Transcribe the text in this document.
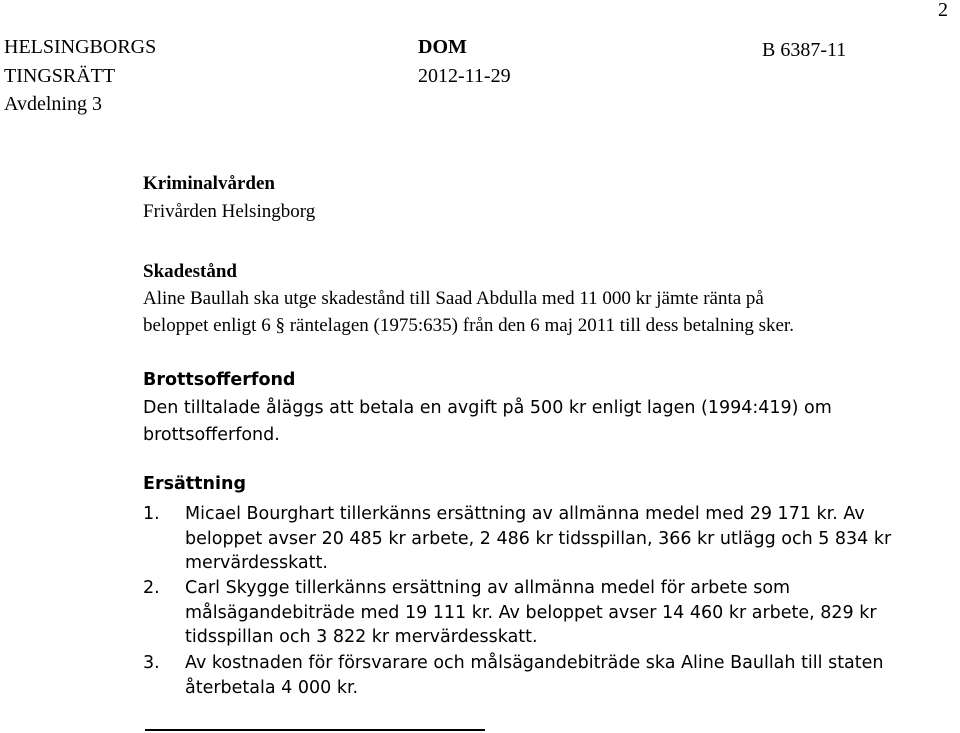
2
HELSINGBORGS
TINGSRÄTT
Avdelning 3
DOM
2012-11-29
B 6387-11
Kriminalvården
Frivården Helsingborg
Skadestånd
Aline Baullah ska utge skadestånd till Saad Abdulla med 11 000 kr jämte ränta på
beloppet enligt 6 § räntelagen (1975:635) från den 6 maj 2011 till dess betalning sker.
Brottsofferfond
Den tilltalade åläggs att betala en avgift på 500 kr enligt lagen (1994:419) om
brottsofferfond.
Ersättning
1. Micael Bourghart tillerkänns ersättning av allmänna medel med 29 171 kr. Av
beloppet avser 20 485 kr arbete, 2 486 kr tidsspillan, 366 kr utlägg och 5 834 kr
mervärdesskatt.
2. Carl Skygge tillerkänns ersättning av allmänna medel för arbete som
målsägandebiträde med 19 111 kr. Av beloppet avser 14 460 kr arbete, 829 kr
tidsspillan och 3 822 kr mervärdesskatt.
3. Av kostnaden för försvarare och målsägandebiträde ska Aline Baullah till staten
återbetala 4 000 kr.
